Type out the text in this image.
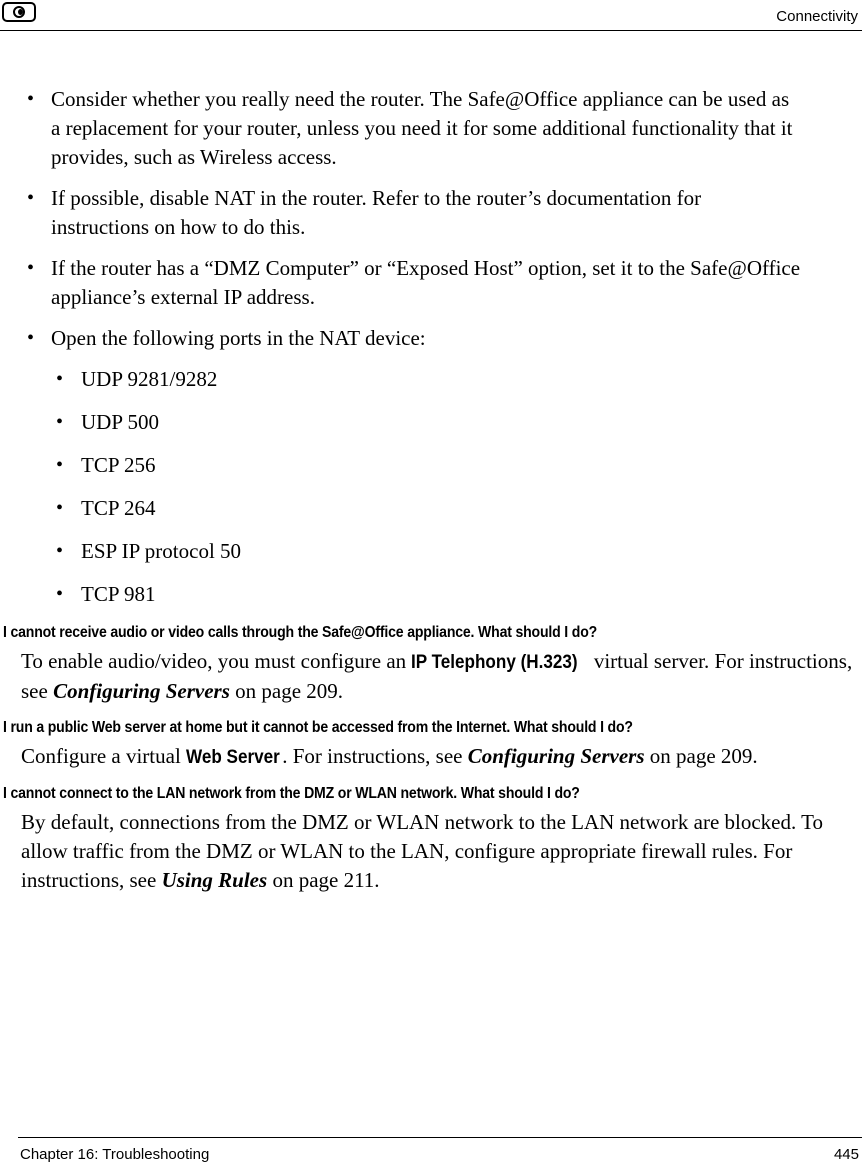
Connectivity
• Consider whether you really need the router. The Safe@Office appliance can be used as a replacement for your router, unless you need it for some additional functionality that it provides, such as Wireless access.
• If possible, disable NAT in the router. Refer to the router’s documentation for instructions on how to do this.
• If the router has a “DMZ Computer” or “Exposed Host” option, set it to the Safe@Office appliance’s external IP address.
• Open the following ports in the NAT device:
• UDP 9281/9282
• UDP 500
• TCP 256
• TCP 264
• ESP IP protocol 50
• TCP 981
I cannot receive audio or video calls through the Safe@Office appliance. What should I do?
To enable audio/video, you must configure an IP Telephony (H.323) virtual server. For instructions, see Configuring Servers on page 209.
I run a public Web server at home but it cannot be accessed from the Internet. What should I do?
Configure a virtual Web Server . For instructions, see Configuring Servers on page 209.
I cannot connect to the LAN network from the DMZ or WLAN network. What should I do?
By default, connections from the DMZ or WLAN network to the LAN network are blocked. To allow traffic from the DMZ or WLAN to the LAN, configure appropriate firewall rules. For instructions, see Using Rules on page 211.
Chapter 16: Troubleshooting	445
